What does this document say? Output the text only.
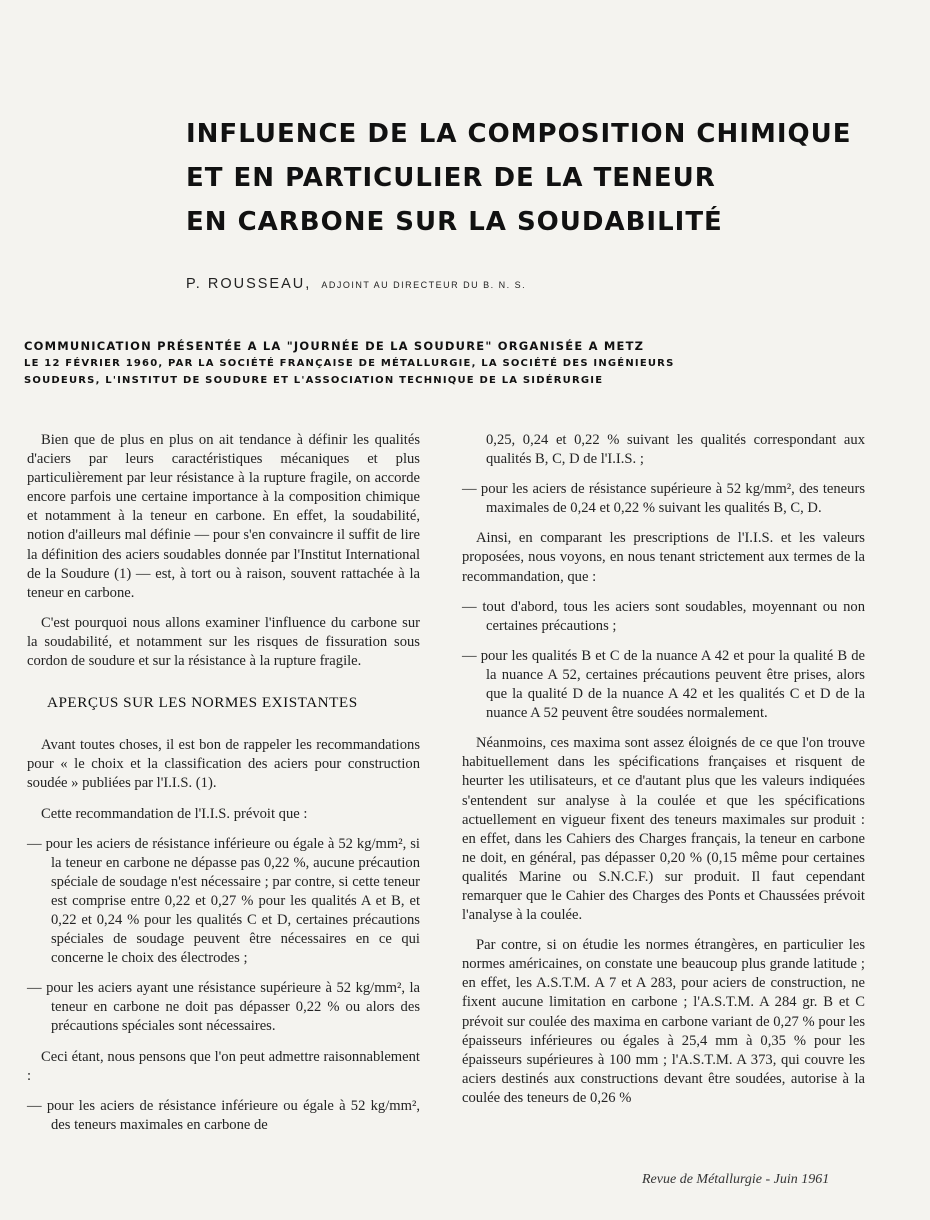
INFLUENCE DE LA COMPOSITION CHIMIQUE
ET EN PARTICULIER DE LA TENEUR
EN CARBONE SUR LA SOUDABILITÉ
P. ROUSSEAU, ADJOINT AU DIRECTEUR DU B. N. S.
COMMUNICATION PRÉSENTÉE A LA "JOURNÉE DE LA SOUDURE" ORGANISÉE A METZ
LE 12 FÉVRIER 1960, PAR LA SOCIÉTÉ FRANÇAISE DE MÉTALLURGIE, LA SOCIÉTÉ DES INGÉNIEURS
SOUDEURS, L'INSTITUT DE SOUDURE ET L'ASSOCIATION TECHNIQUE DE LA SIDÉRURGIE

Bien que de plus en plus on ait tendance à définir les qualités d'aciers par leurs caractéristiques mécaniques et plus particulièrement par leur résistance à la rupture fragile, on accorde encore parfois une certaine importance à la composition chimique et notamment à la teneur en carbone. En effet, la soudabilité, notion d'ailleurs mal définie — pour s'en convaincre il suffit de lire la définition des aciers soudables donnée par l'Institut International de la Soudure (1) — est, à tort ou à raison, souvent rattachée à la teneur en carbone.

C'est pourquoi nous allons examiner l'influence du carbone sur la soudabilité, et notamment sur les risques de fissuration sous cordon de soudure et sur la résistance à la rupture fragile.

APERÇUS SUR LES NORMES EXISTANTES

Avant toutes choses, il est bon de rappeler les recommandations pour « le choix et la classification des aciers pour construction soudée » publiées par l'I.I.S. (1).

Cette recommandation de l'I.I.S. prévoit que :

— pour les aciers de résistance inférieure ou égale à 52 kg/mm², si la teneur en carbone ne dépasse pas 0,22 %, aucune précaution spéciale de soudage n'est nécessaire ; par contre, si cette teneur est comprise entre 0,22 et 0,27 % pour les qualités A et B, et 0,22 et 0,24 % pour les qualités C et D, certaines précautions spéciales de soudage peuvent être nécessaires en ce qui concerne le choix des électrodes ;

— pour les aciers ayant une résistance supérieure à 52 kg/mm², la teneur en carbone ne doit pas dépasser 0,22 % ou alors des précautions spéciales sont nécessaires.

Ceci étant, nous pensons que l'on peut admettre raisonnablement :

— pour les aciers de résistance inférieure ou égale à 52 kg/mm², des teneurs maximales en carbone de

0,25, 0,24 et 0,22 % suivant les qualités correspondant aux qualités B, C, D de l'I.I.S. ;

— pour les aciers de résistance supérieure à 52 kg/mm², des teneurs maximales de 0,24 et 0,22 % suivant les qualités B, C, D.

Ainsi, en comparant les prescriptions de l'I.I.S. et les valeurs proposées, nous voyons, en nous tenant strictement aux termes de la recommandation, que :

— tout d'abord, tous les aciers sont soudables, moyennant ou non certaines précautions ;

— pour les qualités B et C de la nuance A 42 et pour la qualité B de la nuance A 52, certaines précautions peuvent être prises, alors que la qualité D de la nuance A 42 et les qualités C et D de la nuance A 52 peuvent être soudées normalement.

Néanmoins, ces maxima sont assez éloignés de ce que l'on trouve habituellement dans les spécifications françaises et risquent de heurter les utilisateurs, et ce d'autant plus que les valeurs indiquées s'entendent sur analyse à la coulée et que les spécifications actuellement en vigueur fixent des teneurs maximales sur produit : en effet, dans les Cahiers des Charges français, la teneur en carbone ne doit, en général, pas dépasser 0,20 % (0,15 même pour certaines qualités Marine ou S.N.C.F.) sur produit. Il faut cependant remarquer que le Cahier des Charges des Ponts et Chaussées prévoit l'analyse à la coulée.

Par contre, si on étudie les normes étrangères, en particulier les normes américaines, on constate une beaucoup plus grande latitude ; en effet, les A.S.T.M. A 7 et A 283, pour aciers de construction, ne fixent aucune limitation en carbone ; l'A.S.T.M. A 284 gr. B et C prévoit sur coulée des maxima en carbone variant de 0,27 % pour les épaisseurs inférieures ou égales à 25,4 mm à 0,35 % pour les épaisseurs supérieures à 100 mm ; l'A.S.T.M. A 373, qui couvre les aciers destinés aux constructions devant être soudées, autorise à la coulée des teneurs de 0,26 %

Revue de Métallurgie - Juin 1961
